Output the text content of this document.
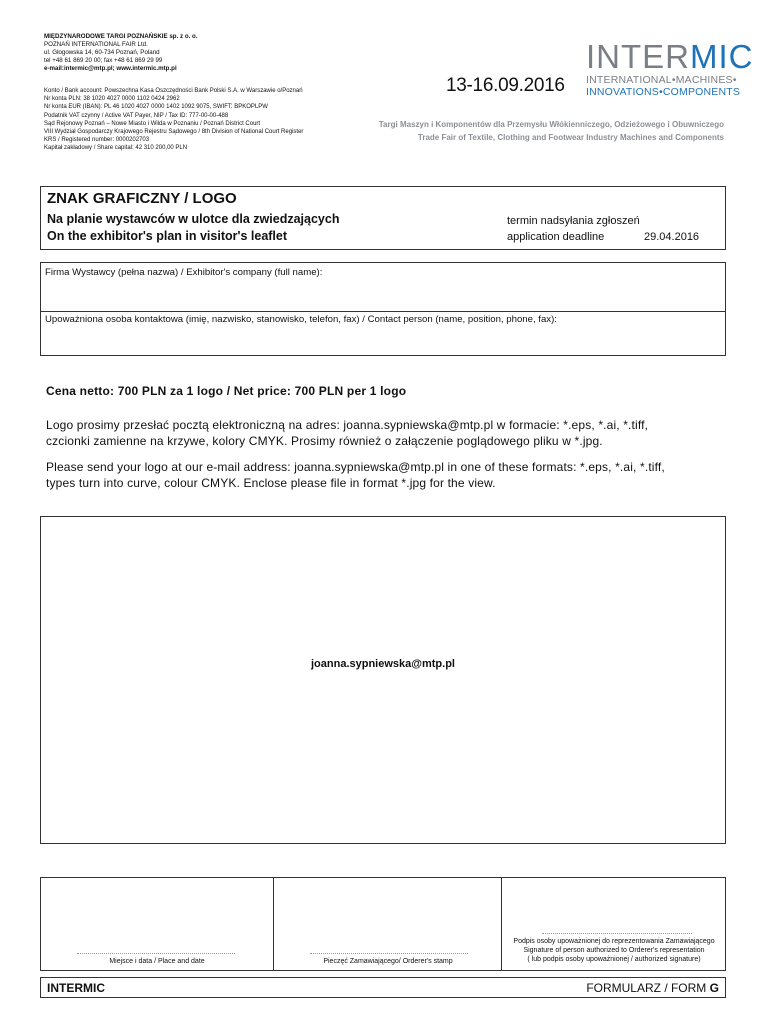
MIĘDZYNARODOWE TARGI POZNAŃSKIE sp. z o. o.
POZNAŃ INTERNATIONAL FAIR Ltd.
ul. Głogowska 14, 60-734 Poznań, Poland
tel +48 61 869 20 00; fax +48 61 869 29 99
e-mail:intermic@mtp.pl; www.intermic.mtp.pl
Konto / Bank account: Powszechna Kasa Oszczędności Bank Polski S.A. w Warszawie o/Poznań
Nr konta PLN: 38 1020 4027 0000 1102 0424 2962
Nr konta EUR (IBAN): PL 46 1020 4027 0000 1402 1092 9075, SWIFT: BPKOPLPW
Podatnik VAT czynny / Active VAT Payer, NIP / Tax ID: 777-00-00-488
Sąd Rejonowy Poznań – Nowe Miasto i Wilda w Poznaniu / Poznań District Court
VIII Wydział Gospodarczy Krajowego Rejestru Sądowego / 8th Division of National Court Register
KRS / Registered number: 0000202703
Kapitał zakładowy / Share capital: 42 310 200,00 PLN
13-16.09.2016
INTERMIC
INTERNATIONAL•MACHINES•
INNOVATIONS•COMPONENTS
Targi Maszyn i Komponentów dla Przemysłu Włókienniczego, Odzieżowego i Obuwniczego
Trade Fair of Textile, Clothing and Footwear Industry Machines and Components
ZNAK GRAFICZNY / LOGO
Na planie wystawców w ulotce dla zwiedzających
On the exhibitor's plan in visitor's leaflet
termin nadsyłania zgłoszeń
application deadline	29.04.2016
Firma Wystawcy (pełna nazwa) / Exhibitor's company (full name):
Upoważniona osoba kontaktowa (imię, nazwisko, stanowisko, telefon, fax) / Contact person (name, position, phone, fax):
Cena netto: 700 PLN za 1 logo / Net price: 700 PLN per 1 logo
Logo prosimy przesłać pocztą elektroniczną na adres: joanna.sypniewska@mtp.pl w formacie: *.eps, *.ai, *.tiff,
czcionki zamienne na krzywe, kolory CMYK. Prosimy również o załączenie poglądowego pliku w *.jpg.
Please send your logo at our e-mail address: joanna.sypniewska@mtp.pl in one of these formats: *.eps, *.ai, *.tiff,
types turn into curve, colour CMYK. Enclose please file in format *.jpg for the view.
joanna.sypniewska@mtp.pl
Miejsce i data / Place and date	Pieczęć Zamawiającego/ Orderer's stamp
Podpis osoby upoważnionej do reprezentowania Zamawiającego
Signature of person authorized to Orderer's representation
( lub podpis osoby upoważnionej / authorized signature)
INTERMIC	FORMULARZ / FORM G
